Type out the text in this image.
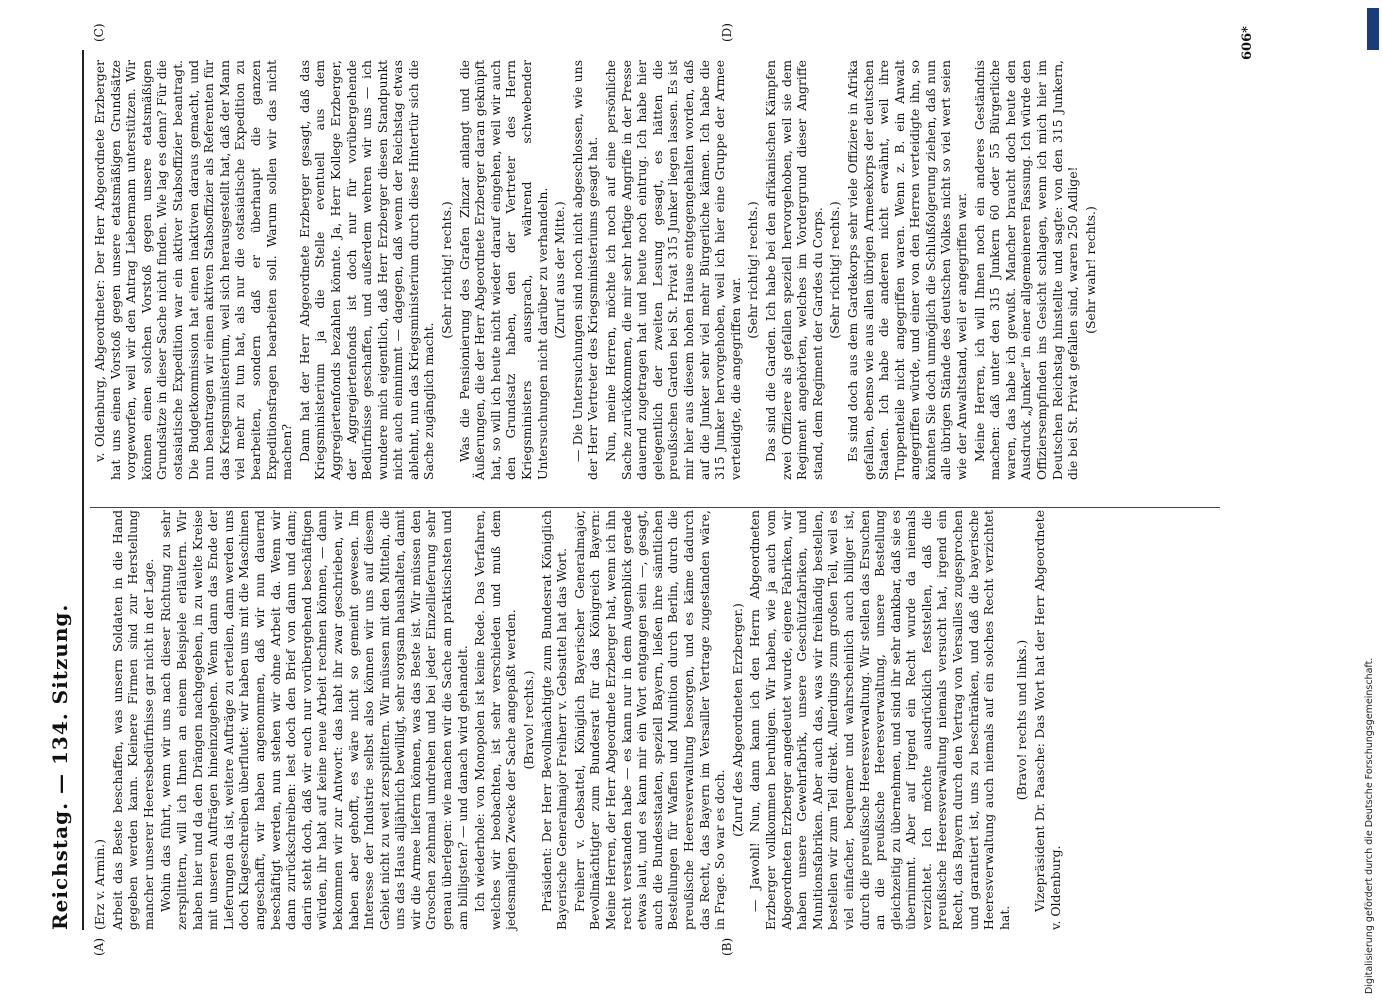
Reichstag. — 134. Sitzung.
(A)	(B)

(Erz v. Armin.) Arbeit das Beste beschaffen, was unsern Soldaten in die Hand gegeben werden kann. Kleinere Firmen sind zur Herstellung mancher unserer Heeresbedürfnisse gar nicht in der Lage. Wohin das führt, wenn wir uns nach dieser Richtung zu sehr zersplittern, will ich Ihnen an einem Beispiele erläutern. Wir haben hier und da den Drängen nachgegeben, in zu weite Kreise mit unseren Aufträgen hineinzugehen. Wenn dann das Ende der Lieferungen da ist, weitere Aufträge zu erteilen, dann werden uns doch Klageschreiben überflutet: wir haben uns mit die Maschinen angeschafft, wir haben angenommen, daß wir nun dauernd beschäftigt werden, nun stehen wir ohne Arbeit da. Wenn wir dann zurückschreiben: lest doch den Brief von dann und dann; darin steht doch, daß wir euch nur vorübergehend beschäftigen würden, ihr habt auf keine neue Arbeit rechnen können, — dann bekommen wir zur Antwort: das habt ihr zwar geschrieben, wir haben aber gehofft, es wäre nicht so gemeint gewesen. Im Interesse der Industrie selbst also können wir uns auf diesem Gebiet nicht zu weit zersplittern. Wir müssen mit den Mitteln, die uns das Haus alljährlich bewilligt, sehr sorgsam haushalten, damit wir die Armee liefern können, was das Beste ist. Wir müssen den Groschen zehnmal umdrehen und bei jeder Einzellieferung sehr genau überlegen: wie machen wir die Sache am praktischsten und am billigsten? — und danach wird gehandelt. Ich wiederhole: von Monopolen ist keine Rede. Das Verfahren, welches wir beobachten, ist sehr verschieden und muß dem jedesmaligen Zwecke der Sache angepaßt werden. (Bravo! rechts.) Präsident: Der Herr Bevollmächtigte zum Bundesrat Königlich Bayerische Generalmajor Freiherr v. Gebsattel hat das Wort. Freiherr v. Gebsattel, Königlich Bayerischer Generalmajor, Bevollmächtigter zum Bundesrat für das Königreich Bayern: Meine Herren, der Herr Abgeordnete Erzberger hat, wenn ich ihn recht verstanden habe — es kann nur in dem Augenblick gerade etwas laut, und es kann mir ein Wort entgangen sein —, gesagt, auch die Bundesstaaten, speziell Bayern, ließen ihre sämtlichen Bestellungen für Waffen und Munition durch Berlin, durch die preußische Heeresverwaltung besorgen, und es käme dadurch das Recht, das Bayern im Versailler Vertrage zugestanden wäre, in Frage. So war es doch.

(Zuruf des Abgeordneten Erzberger.) — Jawohl! Nun, dann kann ich den Herrn Abgeordneten Erzberger vollkommen beruhigen. Wir haben, wie ja auch vom Abgeordneten Erzberger angedeutet wurde, eigene Fabriken, wir haben unsere Gewehrfabrik, unsere Geschützfabriken, und Munitionsfabriken. Aber auch das, was wir freihändig bestellen, bestellen wir zum Teil direkt. Allerdings zum großen Teil, weil es viel einfacher, bequemer und wahrscheinlich auch billiger ist, durch die preußische Heeresverwaltung. Wir stellen das Ersuchen an die preußische Heeresverwaltung, unsere Bestellung gleichzeitig zu übernehmen, und sind ihr sehr dankbar, daß sie es übernimmt. Aber auf irgend ein Recht wurde da niemals verzichtet. Ich möchte ausdrücklich feststellen, daß die preußische Heeresverwaltung niemals versucht hat, irgend ein Recht, das Bayern durch den Vertrag von Versailles zugesprochen und garantiert ist, uns zu beschränken, und daß die bayerische Heeresverwaltung auch niemals auf ein solches Recht verzichtet hat.

(Bravo! rechts und links.) Vizepräsident Dr. Paasche: Das Wort hat der Herr Abgeordnete v. Oldenburg.

v. Oldenburg, Abgeordneter: Der Herr Abgeordnete Erzberger hat uns einen Vorstoß gegen unsere etatsmäßigen Grundsätze vorgeworfen, weil wir den Antrag Liebermann unterstützen. Wir können einen solchen Vorstoß gegen unsere etatsmäßigen Grundsätze in dieser Sache nicht finden. Wie lag es denn? Für die ostasiatische Expedition war ein aktiver Stabsoffizier beantragt. Die Budgetkommission hat einen inaktiven daraus gemacht, und nun beantragen wir einen aktiven Stabsoffizier als Referenten für das Kriegsministerium, weil sich herausgestellt hat, daß der Mann viel mehr zu tun hat, als nur die ostasiatische Expedition zu bearbeiten, sondern daß er überhaupt die ganzen Expeditionsfragen bearbeiten soll. Warum sollen wir das nicht machen? Dann hat der Herr Abgeordnete Erzberger gesagt, daß das Kriegsministerium ja die Stelle eventuell aus dem Aggregiertenfonds bezahlen könnte. Ja, Herr Kollege Erzberger, der Aggregiertenfonds ist doch nur für vorübergehende Bedürfnisse geschaffen, und außerdem wehren wir uns — ich wundere mich eigentlich, daß Herr Erzberger diesen Standpunkt nicht auch einnimmt — dagegen, daß wenn der Reichstag etwas ablehnt, nun das Kriegsministerium durch diese Hintertür sich die Sache zugänglich macht.

(Sehr richtig! rechts.) Was die Pensionierung des Grafen Zinzar anlangt und die Äußerungen, die der Herr Abgeordnete Erzberger daran geknüpft hat, so will ich heute nicht wieder darauf eingehen, weil wir auch den Grundsatz haben, den der Vertreter des Herrn Kriegsministers aussprach, während schwebender Untersuchungen nicht darüber zu verhandeln. (Zuruf aus der Mitte.) — Die Untersuchungen sind noch nicht abgeschlossen, wie uns der Herr Vertreter des Kriegsministeriums gesagt hat. Nun, meine Herren, möchte ich noch auf eine persönliche Sache zurückkommen, die mir sehr heftige Angriffe in der Presse dauernd zugetragen hat und heute noch eintrug. Ich habe hier gelegentlich der zweiten Lesung gesagt, es hätten die preußischen Garden bei St. Privat 315 Junker liegen lassen. Es ist mir hier aus diesem hohen Hause entgegengehalten worden, daß auf die Junker sehr viel mehr Bürgerliche kämen. Ich habe die 315 Junker hervorgehoben, weil ich hier eine Gruppe der Armee verteidigte, die angegriffen war.

(Sehr richtig! rechts.) Das sind die Garden. Ich habe bei den afrikanischen Kämpfen zwei Offiziere als gefallen speziell hervorgehoben, weil sie dem Regiment angehörten, welches im Vordergrund dieser Angriffe stand, dem Regiment der Gardes du Corps. (Sehr richtig! rechts.) Es sind doch aus dem Gardekorps sehr viele Offiziere in Afrika gefallen, ebenso wie aus allen übrigen Armeekorps der deutschen Staaten. Ich habe die anderen nicht erwähnt, weil ihre Truppenteile nicht angegriffen waren. Wenn z. B. ein Anwalt angegriffen würde, und einer von den Herren verteidigte ihn, so könnten Sie doch unmöglich die Schlußfolgerung ziehen, daß nun alle übrigen Stände des deutschen Volkes nicht so viel wert seien wie der Anwaltstand, weil er angegriffen war. Meine Herren, ich will Ihnen noch ein anderes Geständnis machen: daß unter den 315 Junkern 60 oder 55 Bürgerliche waren, das habe ich gewußt. Mancher braucht doch heute den Ausdruck „Junker“ in einer allgemeineren Fassung. Ich würde den Offiziersempfinden ins Gesicht schlagen, wenn ich mich hier im Deutschen Reichstag hinstellte und sagte: von den 315 Junkern, die bei St. Privat gefallen sind, waren 250 Adlige! (Sehr wahr! rechts.)

(C)	(D)	606*	DFG
Digitalisierung gefördert durch die Deutsche Forschungsgemeinschaft.
